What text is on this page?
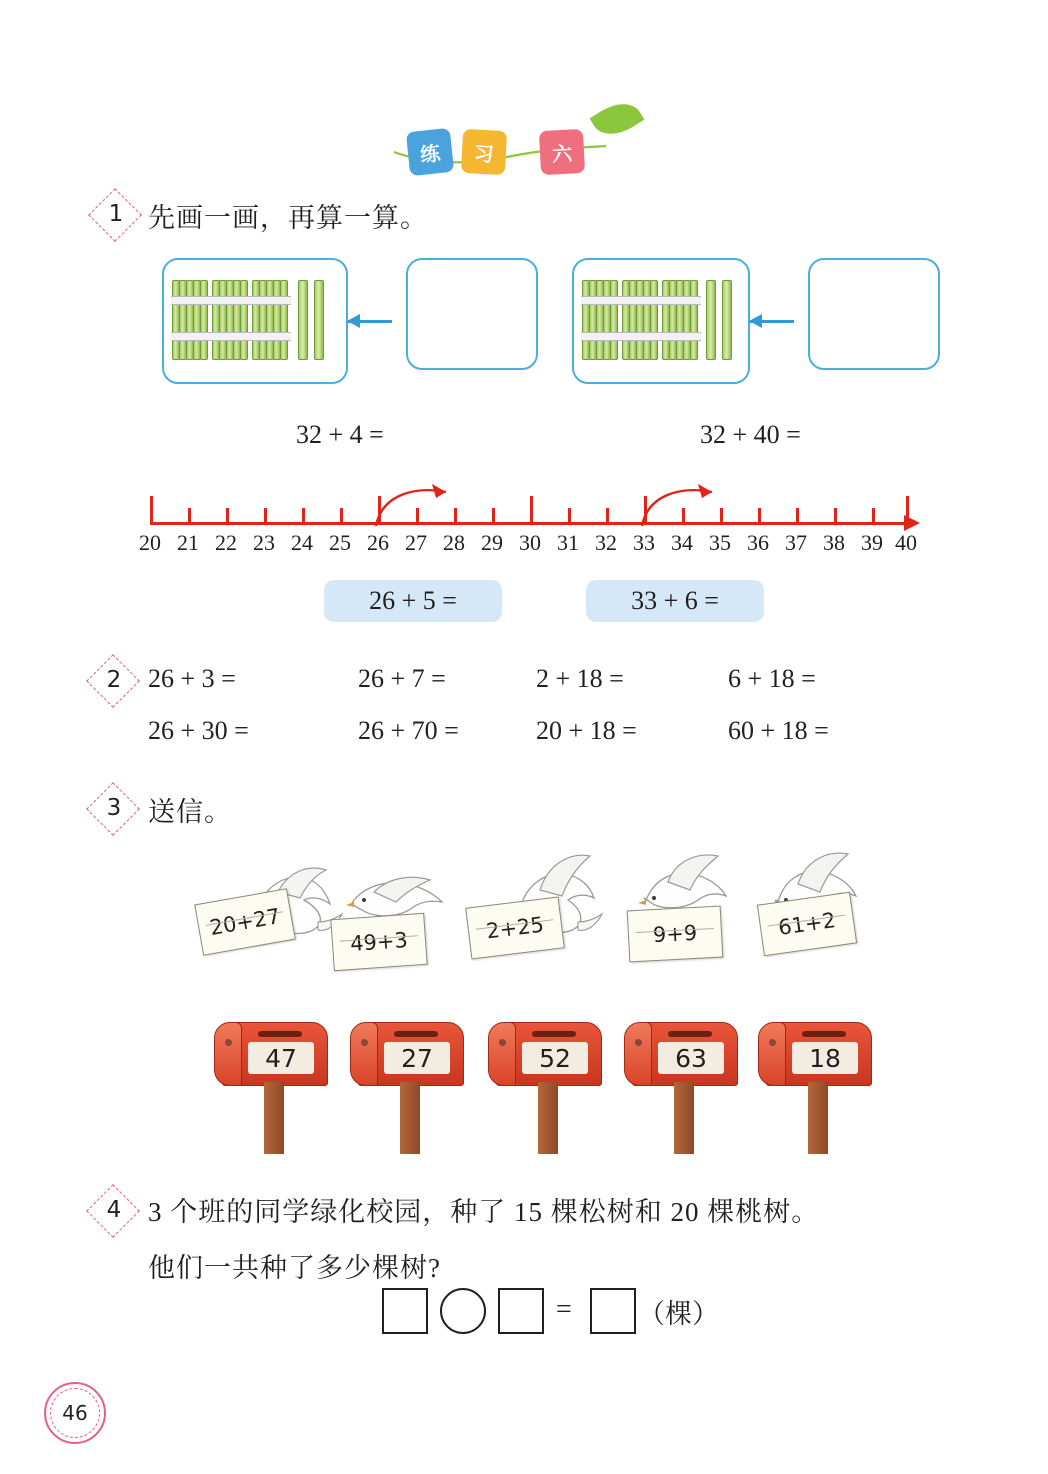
练	习	六
1 先画一画，再算一算。
32 + 4 =	32 + 40 =
20 21 22 23 24 25 26 27 28 29 30 31 32 33 34 35 36 37 38 39 40
26 + 5 =	33 + 6 =
2 26 + 3 =	26 + 7 =	2 + 18 =	6 + 18 =
26 + 30 =	26 + 70 =	20 + 18 =	60 + 18 =
3 送信。
20+27
49+3	2+25	9+9	61+2
47	27	52	63	18
4 3 个班的同学绿化校园，种了 15 棵松树和 20 棵桃树。
他们一共种了多少棵树?
= （棵）
46
